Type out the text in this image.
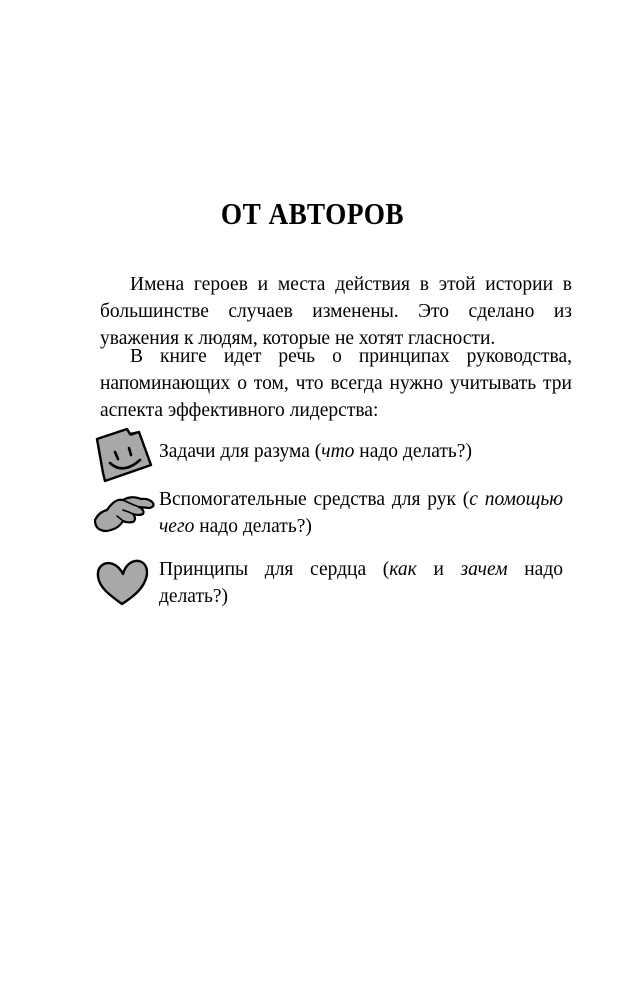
ОТ АВТОРОВ

Имена героев и места действия в этой истории в большинстве случаев изменены. Это сделано из уважения к людям, которые не хотят гласности.

В книге идет речь о принципах руководства, напоминающих о том, что всегда нужно учитывать три аспекта эффективного лидерства:

Задачи для разума (что надо делать?)

Вспомогательные средства для рук (с помощью чего надо делать?)

Принципы для сердца (как и зачем надо делать?)
